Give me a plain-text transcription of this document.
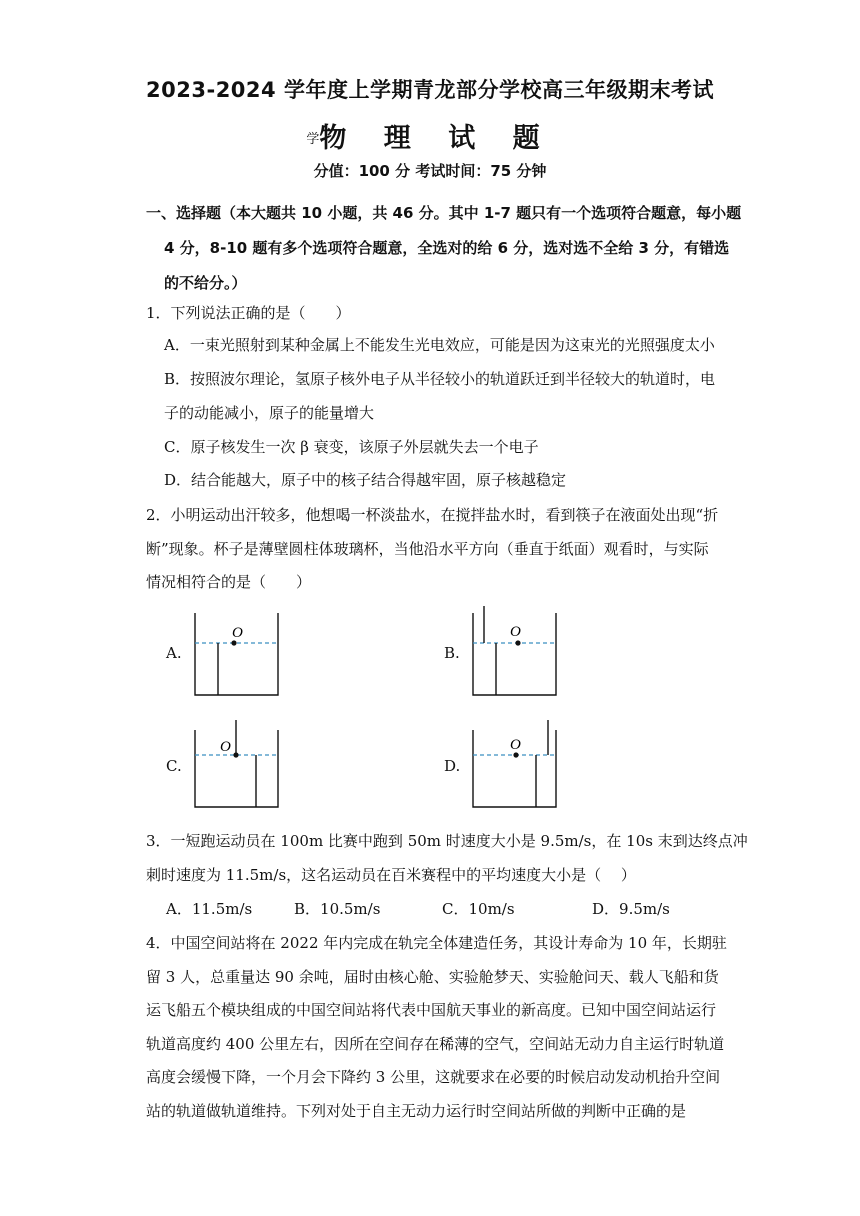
2023-2024 学年度上学期青龙部分学校高三年级期末考试
$^学$物 理 试 题
分值：100 分 考试时间：75 分钟
一、选择题（本大题共 10 小题，共 46 分。其中 1-7 题只有一个选项符合题意，每小题
4 分，8-10 题有多个选项符合题意，全选对的给 6 分，选对选不全给 3 分，有错选
的不给分。）
1．下列说法正确的是（　　）
A．一束光照射到某种金属上不能发生光电效应，可能是因为这束光的光照强度太小
B．按照波尔理论，氢原子核外电子从半径较小的轨道跃迁到半径较大的轨道时，电
子的动能减小，原子的能量增大
C．原子核发生一次 β 衰变，该原子外层就失去一个电子
D．结合能越大，原子中的核子结合得越牢固，原子核越稳定
2．小明运动出汗较多，他想喝一杯淡盐水，在搅拌盐水时，看到筷子在液面处出现“折
断”现象。杯子是薄壁圆柱体玻璃杯，当他沿水平方向（垂直于纸面）观看时，与实际
情况相符合的是（　　）
A.	B.
C.	D.
O	O
O	O
3．一短跑运动员在 100m 比赛中跑到 50m 时速度大小是 9.5m/s，在 10s 末到达终点冲
刺时速度为 11.5m/s，这名运动员在百米赛程中的平均速度大小是（　 ）
A．11.5m/s	B．10.5m/s	C．10m/s	D．9.5m/s
4．中国空间站将在 2022 年内完成在轨完全体建造任务，其设计寿命为 10 年，长期驻
留 3 人，总重量达 90 余吨，届时由核心舱、实验舱梦天、实验舱问天、载人飞船和货
运飞船五个模块组成的中国空间站将代表中国航天事业的新高度。已知中国空间站运行
轨道高度约 400 公里左右，因所在空间存在稀薄的空气，空间站无动力自主运行时轨道
高度会缓慢下降，一个月会下降约 3 公里，这就要求在必要的时候启动发动机抬升空间
站的轨道做轨道维持。下列对处于自主无动力运行时空间站所做的判断中正确的是
